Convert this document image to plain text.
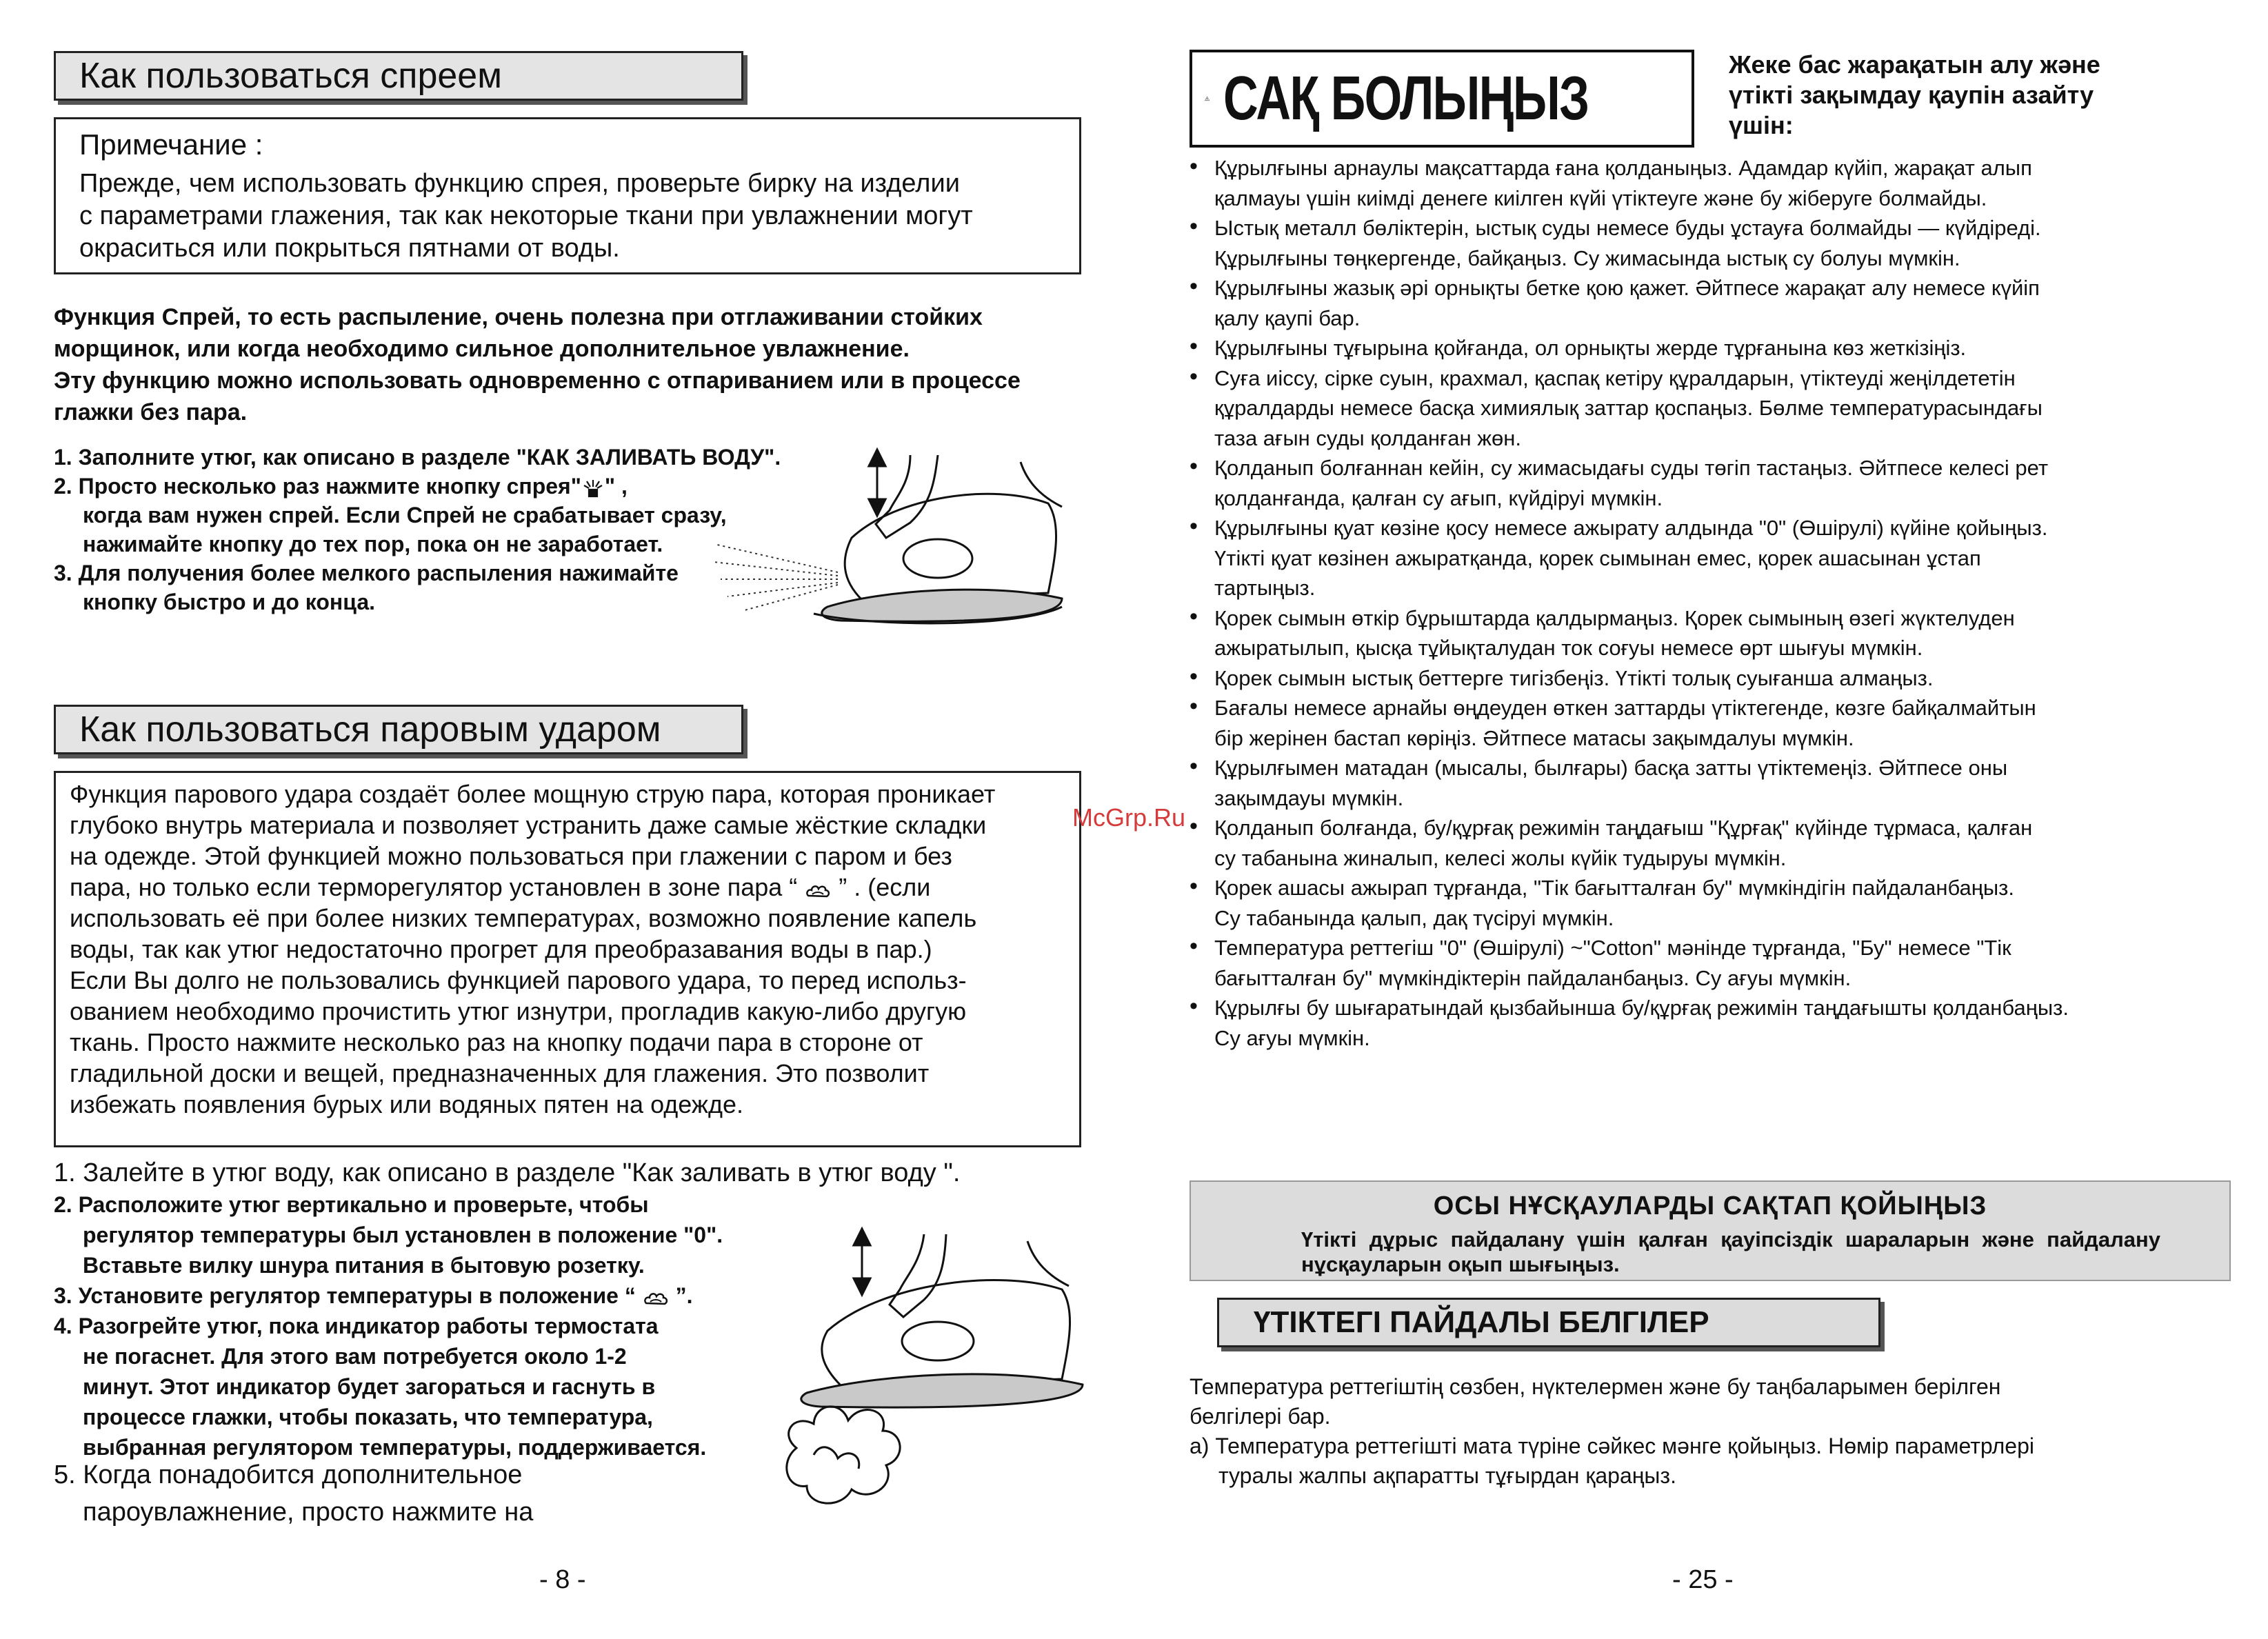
Как пользоваться спреем
Примечание :

Прежде, чем использовать функцию спрея, проверьте бирку на изделии

с параметрами глажения, так как некоторые ткани при увлажнении могут

окраситься или покрыться пятнами от воды.

Функция Спрей, то есть распыление, очень полезна при отглаживании стойких

морщинок, или когда необходимо сильное дополнительное увлажнение.

Эту функцию можно использовать одновременно с отпариванием или в процессе

глажки без пара.

1. Заполните утюг, как описано в разделе "КАК ЗАЛИВАТЬ ВОДУ".

2. Просто несколько раз нажмите кнопку спрея" " ,

когда вам нужен спрей. Если Спрей не срабатывает сразу,

нажимайте кнопку до тех пор, пока он не заработает.

3. Для получения более мелкого распыления нажимайте

кнопку быстро и до конца.

Как пользоваться паровым ударом

Функция парового удара создаёт более мощную струю пара, которая проникает

глубоко внутрь материала и позволяет устранить даже самые жёсткие складки

на одежде. Этой функцией можно пользоваться при глажении с паром и без

пара, но только если терморегулятор установлен в зоне пара “  ” . (если

использовать её при более низких температурах, возможно появление капель

воды, так как утюг недостаточно прогрет для преобразавания воды в пар.)

Если Вы долго не пользовались функцией парового удара, то перед использ-

ованием необходимо прочистить утюг изнутри, прогладив какую-либо другую

ткань. Просто нажмите несколько раз на кнопку подачи пара в стороне от

гладильной доски и вещей, предназначенных для глажения. Это позволит

избежать появления бурых или водяных пятен на одежде.

1. Залейте в утюг воду, как описано в разделе "Как заливать в утюг воду ".

2. Расположите утюг вертикально и проверьте, чтобы

регулятор температуры был установлен в положение "0".

Вставьте вилку шнура питания в бытовую розетку.

3. Установите регулятор температуры в положение “  ”.

4. Разогрейте утюг, пока индикатор работы термостата

не погаснет. Для этого вам потребуется около 1-2

минут. Этот индикатор будет загораться и гаснуть в

процессе глажки, чтобы показать, что температура,

выбранная регулятором температуры, поддерживается.

5. Когда понадобится дополнительное

пароувлажнение, просто нажмите на

- 8 -
САҚ БОЛЫҢЫЗ	Жеке бас жарақатын алу және

үтікті зақымдау қаупін азайту

үшін:

• Құрылғыны арнаулы мақсаттарда ғана қолданыңыз. Адамдар күйіп, жарақат алып

қалмауы үшін киімді денеге киілген күйі үтіктеуге және бу жіберуге болмайды.

• Ыстық металл бөліктерін, ыстық суды немесе буды ұстауға болмайды — күйдіреді.

Құрылғыны төңкергенде, байқаңыз. Су жимасында ыстық су болуы мүмкін.

• Құрылғыны жазық әрі орнықты бетке қою қажет. Әйтпесе жарақат алу немесе күйіп

қалу қаупі бар.

• Құрылғыны тұғырына қойғанда, ол орнықты жерде тұрғанына көз жеткізіңіз.

• Суға иіссу, сірке суын, крахмал, қаспақ кетіру құралдарын, үтіктеуді жеңілдететін

құралдарды немесе басқа химиялық заттар қоспаңыз. Бөлме температурасындағы

таза ағын суды қолданған жөн.

• Қолданып болғаннан кейін, су жимасыдағы суды төгіп тастаңыз. Әйтпесе келесі рет

қолданғанда, қалған су ағып, күйдіруі мүмкін.

• Құрылғыны қуат көзіне қосу немесе ажырату алдында "0" (Өшірулі) күйіне қойыңыз.

Үтікті қуат көзінен ажыратқанда, қорек сымынан емес, қорек ашасынан ұстап

тартыңыз.

• Қорек сымын өткір бұрыштарда қалдырмаңыз. Қорек сымының өзегі жүктелуден

ажыратылып, қысқа тұйықталудан ток соғуы немесе өрт шығуы мүмкін.

• Қорек сымын ыстық беттерге тигізбеңіз. Үтікті толық суығанша алмаңыз.

• Бағалы немесе арнайы өңдеуден өткен заттарды үтіктегенде, көзге байқалмайтын

бір жерінен бастап көріңіз. Әйтпесе матасы зақымдалуы мүмкін.

• Құрылғымен матадан (мысалы, былғары) басқа затты үтіктемеңіз. Әйтпесе оны

зақымдауы мүмкін.

• Қолданып болғанда, бу/құрғақ режимін таңдағыш "Құрғақ" күйінде тұрмаса, қалған

су табанына жиналып, келесі жолы күйік тудыруы мүмкін.

• Қорек ашасы ажырап тұрғанда, "Тік бағытталған бу" мүмкіндігін пайдаланбаңыз.

Су табанында қалып, дақ түсіруі мүмкін.

• Температура реттегіш "0" (Өшірулі) ~"Cotton" мәнінде тұрғанда, "Бу" немесе "Тік

бағытталған бу" мүмкіндіктерін пайдаланбаңыз. Су ағуы мүмкін.

• Құрылғы бу шығаратындай қызбайынша бу/құрғақ режимін таңдағышты қолданбаңыз.

Су ағуы мүмкін.

ОСЫ НҰСҚАУЛАРДЫ САҚТАП ҚОЙЫҢЫЗ
Үтікті дұрыс пайдалану үшін қалған қауіпсіздік шараларын және пайдалану нұсқауларын оқып шығыңыз.
ҮТІКТЕГІ ПАЙДАЛЫ БЕЛГІЛЕР

Температура реттегіштің сөзбен, нүктелермен және бу таңбаларымен берілген

белгілері бар.

а) Температура реттегішті мата түріне сәйкес мәнге қойыңыз. Нөмір параметрлері

туралы жалпы ақпаратты тұғырдан қараңыз.

- 25 -
McGrp.Ru
